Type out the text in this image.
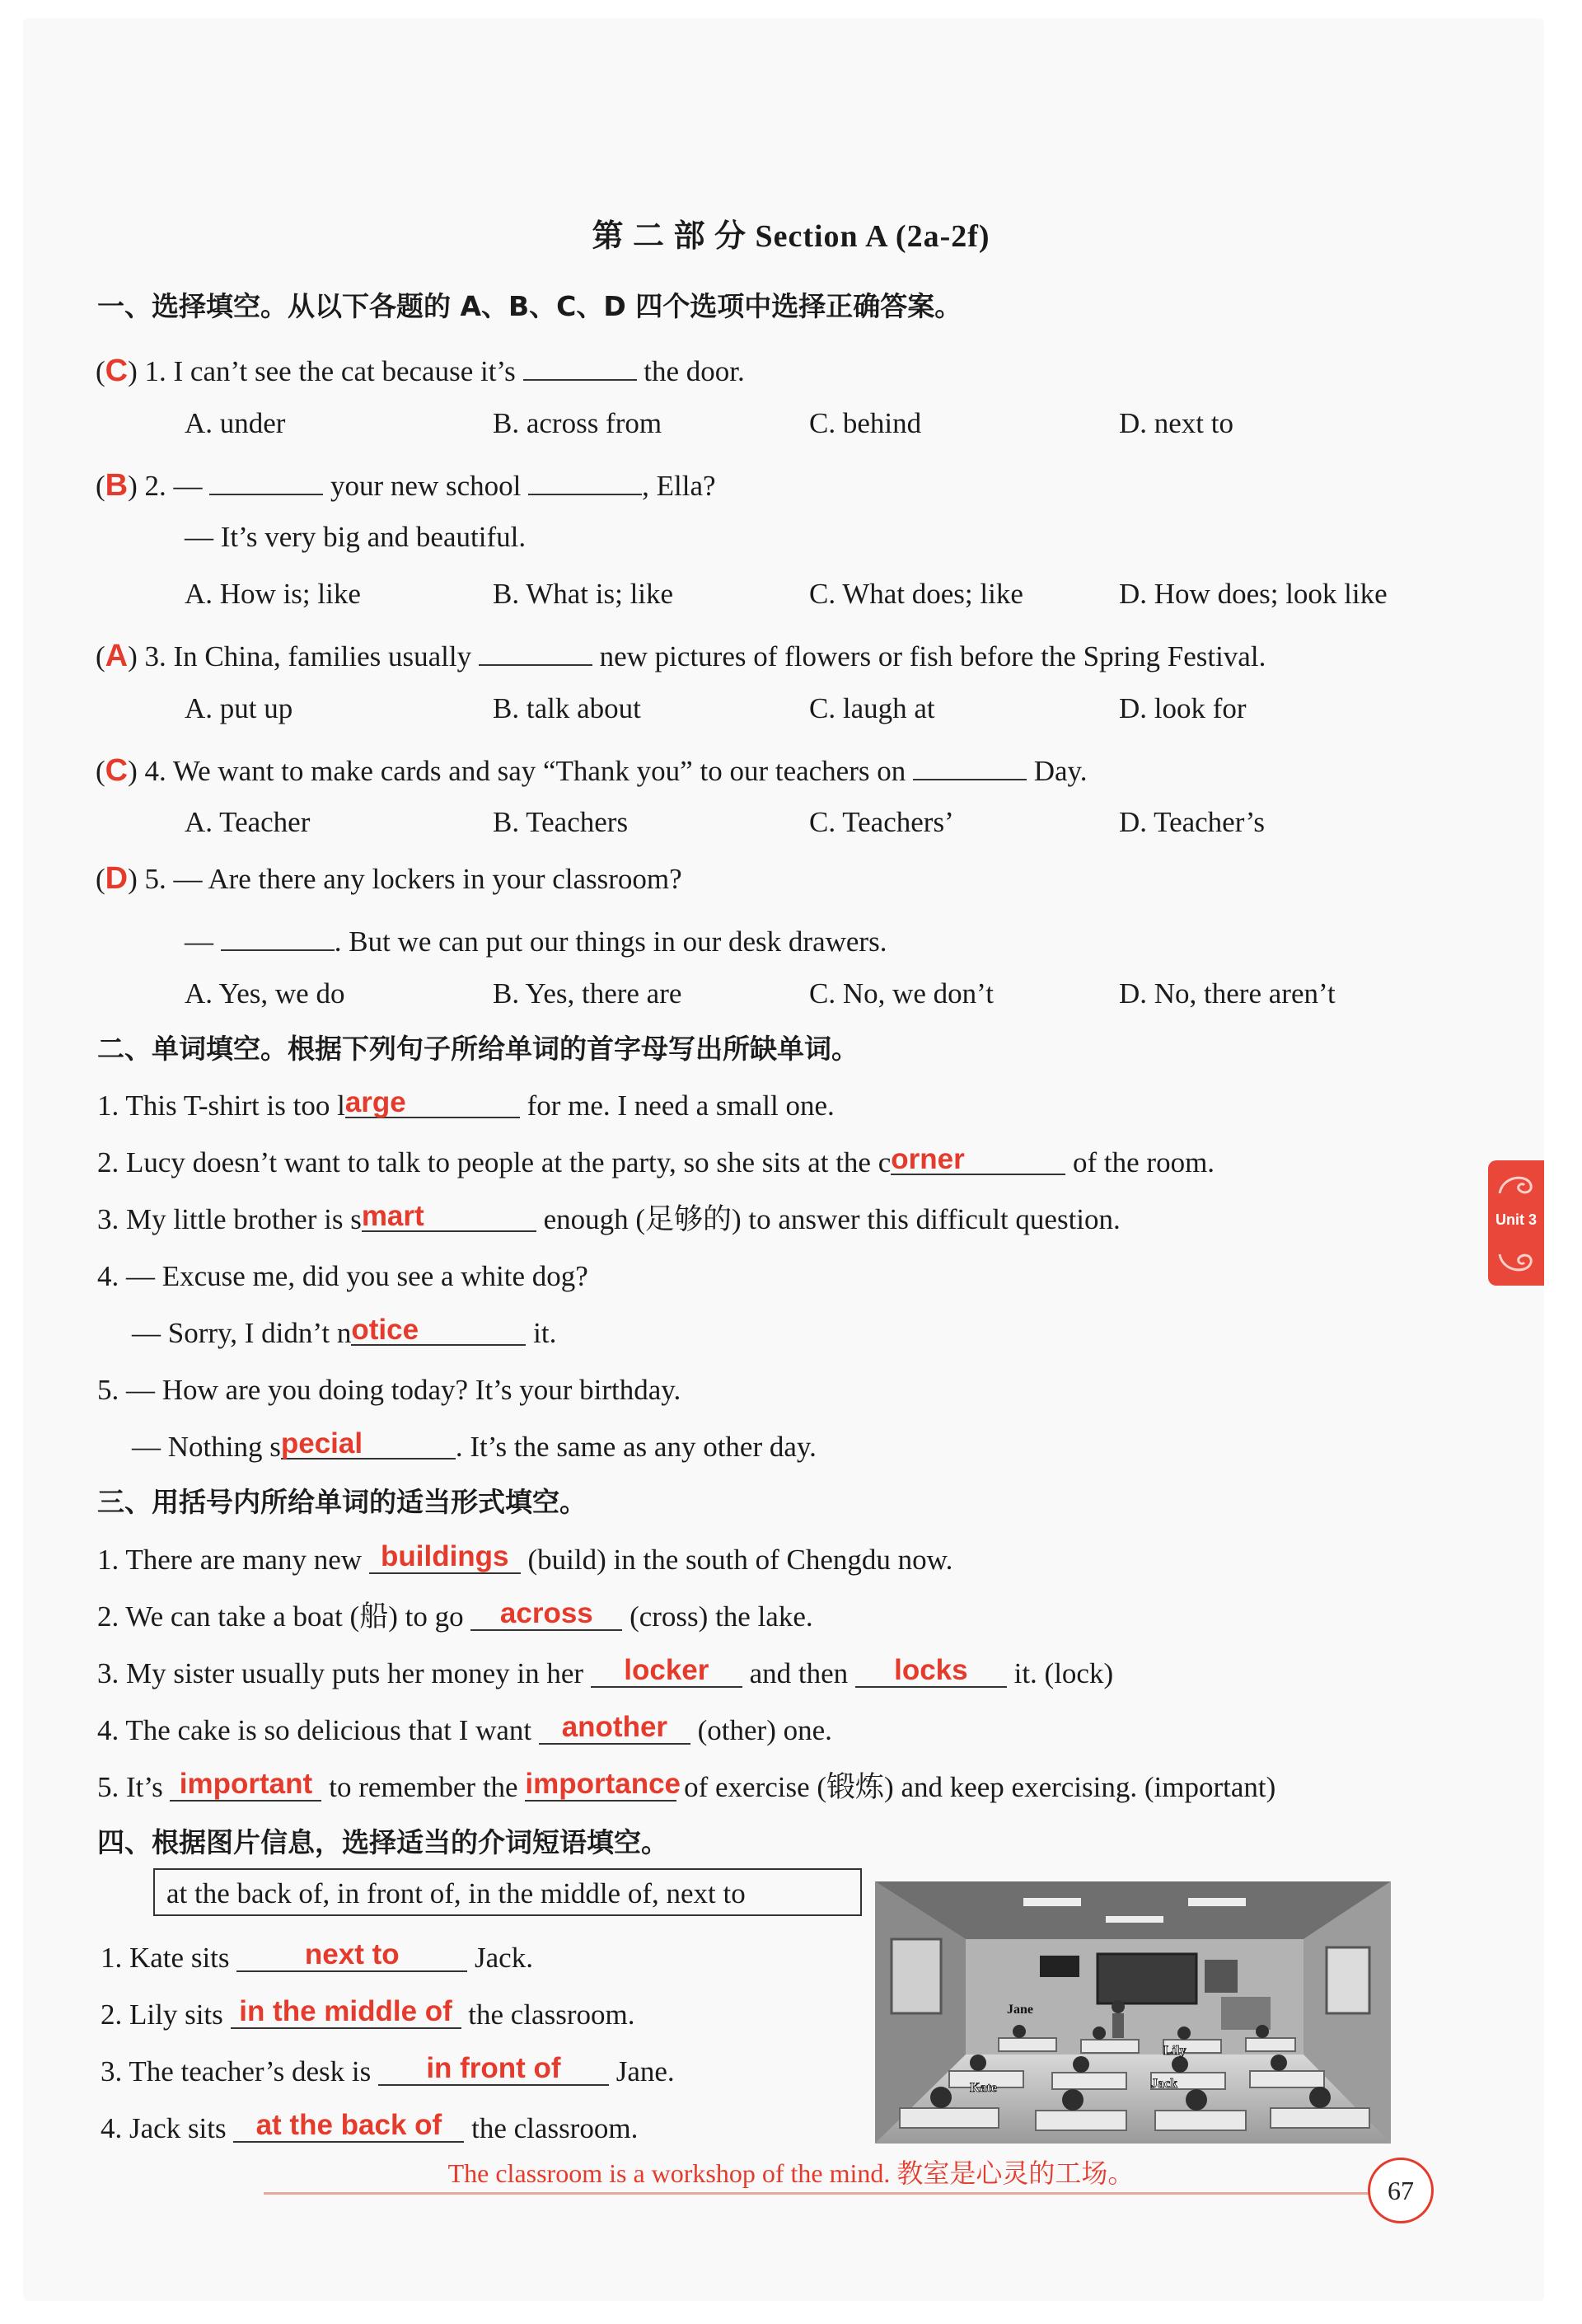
第 二 部 分 Section A (2a-2f)
一、选择填空。从以下各题的 A、B、C、D 四个选项中选择正确答案。
(C) 1. I can’t see the cat because it’s	the door.
A. under	B. across from	C. behind	D. next to
(B) 2. —	your new school	, Ella?
— It’s very big and beautiful.
A. How is; like	B. What is; like	C. What does; like	D. How does; look like
(A) 3. In China, families usually	new pictures of flowers or fish before the Spring Festival.
A. put up	B. talk about	C. laugh at	D. look for
(C) 4. We want to make cards and say “Thank you” to our teachers on	Day.
A. Teacher	B. Teachers	C. Teachers’	D. Teacher’s
(D) 5. — Are there any lockers in your classroom?
—	. But we can put our things in our desk drawers.
A. Yes, we do	B. Yes, there are	C. No, we don’t	D. No, there aren’t
二、单词填空。根据下列句子所给单词的首字母写出所缺单词。
1. This T-shirt is too large	for me. I need a small one.
2. Lucy doesn’t want to talk to people at the party, so she sits at the corner	of the room.
3. My little brother is smart	enough (足够的) to answer this difficult question.
4. — Excuse me, did you see a white dog?
— Sorry, I didn’t notice	it.
5. — How are you doing today? It’s your birthday.
— Nothing special	. It’s the same as any other day.
三、用括号内所给单词的适当形式填空。
1. There are many new buildings (build) in the south of Chengdu now.
2. We can take a boat (船) to go across (cross) the lake.
3. My sister usually puts her money in her locker and then locks it. (lock)
4. The cake is so delicious that I want another (other) one.
5. It’s important to remember the importance of exercise (锻炼) and keep exercising. (important)
四、根据图片信息，选择适当的介词短语填空。
at the back of, in front of, in the middle of, next to
1. Kate sits	next to	Jack.
2. Lily sits in the middle of the classroom.
3. The teacher’s desk is in front of Jane.
4. Jack sits at the back of the classroom.
Jane
Lily
Kate	Jack
Unit 3
The classroom is a workshop of the mind. 教室是心灵的工场。
67
